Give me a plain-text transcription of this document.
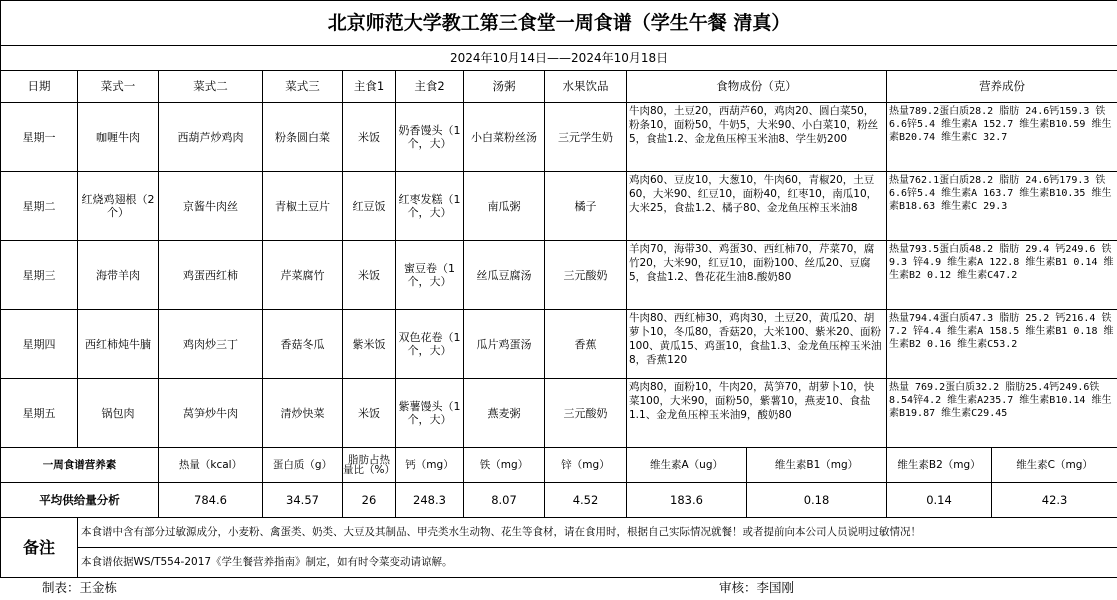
北京师范大学教工第三食堂一周食谱（学生午餐 清真）											
2024年10月14日——2024年10月18日											
日期	菜式一	菜式二	菜式三	主食1	主食2	汤粥	水果饮品	食物成份（克）		营养成份	
星期一	咖喱牛肉	西葫芦炒鸡肉	粉条圆白菜	米饭	奶香馒头（1个，大）	小白菜粉丝汤	三元学生奶	牛肉80，土豆20，西葫芦60，鸡肉20、圆白菜50，粉条10，面粉50，牛奶5，大米90、小白菜10，粉丝5，食盐1.2、金龙鱼压榨玉米油8、学生奶200		热量789.2蛋白质28.2 脂肪 24.6钙159.3 铁6.6锌5.4 维生素A 152.7 维生素B10.59 维生素B20.74 维生素C 32.7	
星期二	红烧鸡翅根（2个）	京酱牛肉丝	青椒土豆片	红豆饭	红枣发糕（1个，大）	南瓜粥	橘子	鸡肉60、豆皮10，大葱10，牛肉60，青椒20，土豆60，大米90、红豆10，面粉40，红枣10，南瓜10，大米25，食盐1.2、橘子80、金龙鱼压榨玉米油8		热量762.1蛋白质28.2 脂肪 24.6钙179.3 铁6.6锌5.4 维生素A 163.7 维生素B10.35 维生素B18.63 维生素C 29.3	
星期三	海带羊肉	鸡蛋西红柿	芹菜腐竹	米饭	蜜豆卷（1个，大）	丝瓜豆腐汤	三元酸奶	羊肉70，海带30、鸡蛋30、西红柿70，芹菜70，腐竹20，大米90，红豆10，面粉100、丝瓜20、豆腐5，食盐1.2、鲁花花生油8.酸奶80		热量793.5蛋白质48.2 脂肪 29.4 钙249.6 铁9.3 锌4.9 维生素A 122.8 维生素B1 0.14 维生素B2 0.12 维生素C47.2	
星期四	西红柿炖牛腩	鸡肉炒三丁	香菇冬瓜	紫米饭	双色花卷（1个，大）	瓜片鸡蛋汤	香蕉	牛肉80、西红柿30，鸡肉30，土豆20，黄瓜20、胡萝卜10，冬瓜80，香菇20，大米100、紫米20、面粉100、黄瓜15、鸡蛋10，食盐1.3、金龙鱼压榨玉米油8，香蕉120		热量794.4蛋白质47.3 脂肪 25.2 钙216.4 铁7.2 锌4.4 维生素A 158.5 维生素B1 0.18 维生素B2 0.16 维生素C53.2	
星期五	锅包肉	莴笋炒牛肉	清炒快菜	米饭	紫薯馒头（1个，大）	燕麦粥	三元酸奶	鸡肉80，面粉10，牛肉20，莴笋70，胡萝卜10，快菜100，大米90，面粉50，紫薯10，燕麦10、食盐1.1、金龙鱼压榨玉米油9，酸奶80		热量 769.2蛋白质32.2 脂肪25.4钙249.6铁8.54锌4.2 维生素A235.7 维生素B10.14 维生素B19.87 维生素C29.45	
一周食谱营养素		热量（kcal）	蛋白质（g）	脂肪占热量比（%）	钙（mg）	铁（mg）	锌（mg）	维生素A（ug）	维生素B1（mg）	维生素B2（mg）	维生素C（mg）
平均供给量分析		784.6	34.57	26	248.3	8.07	4.52	183.6	0.18	0.14	42.3
备注	本食谱中含有部分过敏源成分，小麦粉、禽蛋类、奶类、大豆及其制品、甲壳类水生动物、花生等食材，请在食用时，根据自己实际情况就餐！或者提前向本公司人员说明过敏情况！										
	本食谱依据WS/T554-2017《学生餐营养指南》制定，如有时令菜变动请谅解。										
制表：王金栋								审核：李国刚			
